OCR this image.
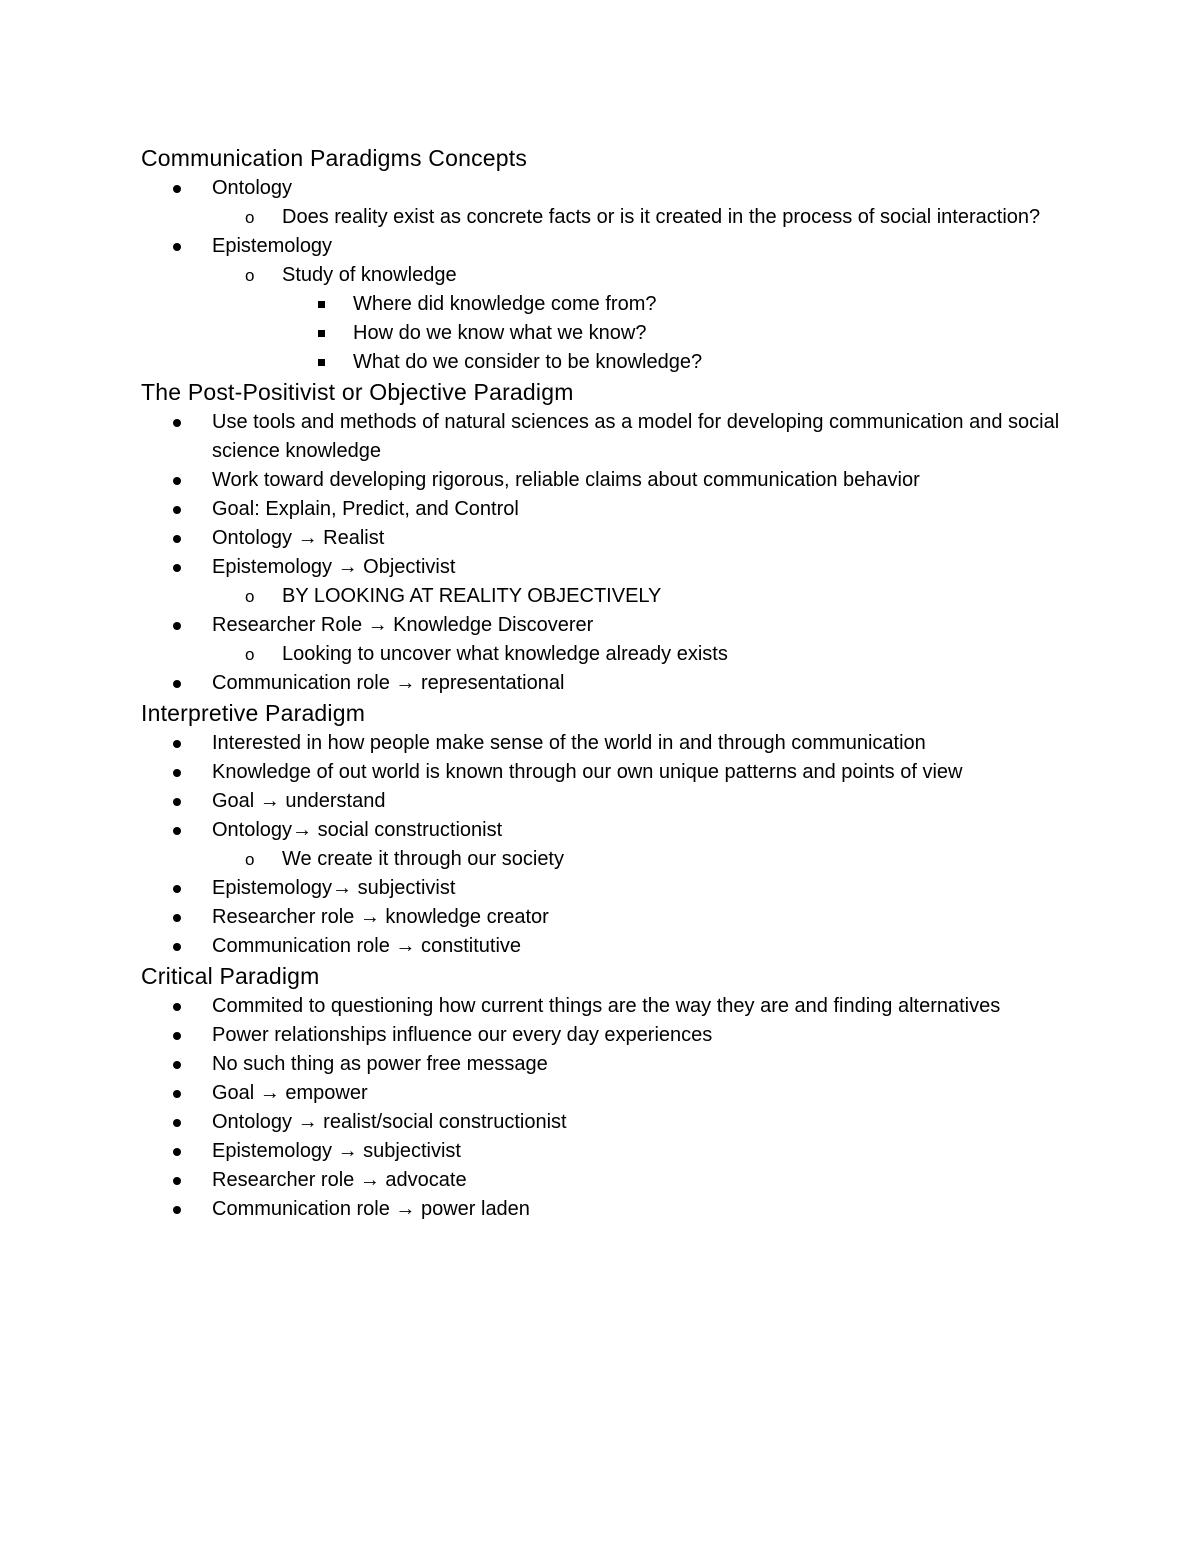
Communication Paradigms Concepts
Ontology
o Does reality exist as concrete facts or is it created in the process of social interaction?
Epistemology
o Study of knowledge
Where did knowledge come from?
How do we know what we know?
What do we consider to be knowledge?
The Post-Positivist or Objective Paradigm
Use tools and methods of natural sciences as a model for developing communication and social science knowledge
Work toward developing rigorous, reliable claims about communication behavior
Goal: Explain, Predict, and Control
Ontology → Realist
Epistemology → Objectivist
o BY LOOKING AT REALITY OBJECTIVELY
Researcher Role → Knowledge Discoverer
o Looking to uncover what knowledge already exists
Communication role → representational
Interpretive Paradigm
Interested in how people make sense of the world in and through communication
Knowledge of out world is known through our own unique patterns and points of view
Goal → understand
Ontology→ social constructionist
o We create it through our society
Epistemology→ subjectivist
Researcher role → knowledge creator
Communication role → constitutive
Critical Paradigm
Commited to questioning how current things are the way they are and finding alternatives
Power relationships influence our every day experiences
No such thing as power free message
Goal → empower
Ontology → realist/social constructionist
Epistemology → subjectivist
Researcher role → advocate
Communication role → power laden
